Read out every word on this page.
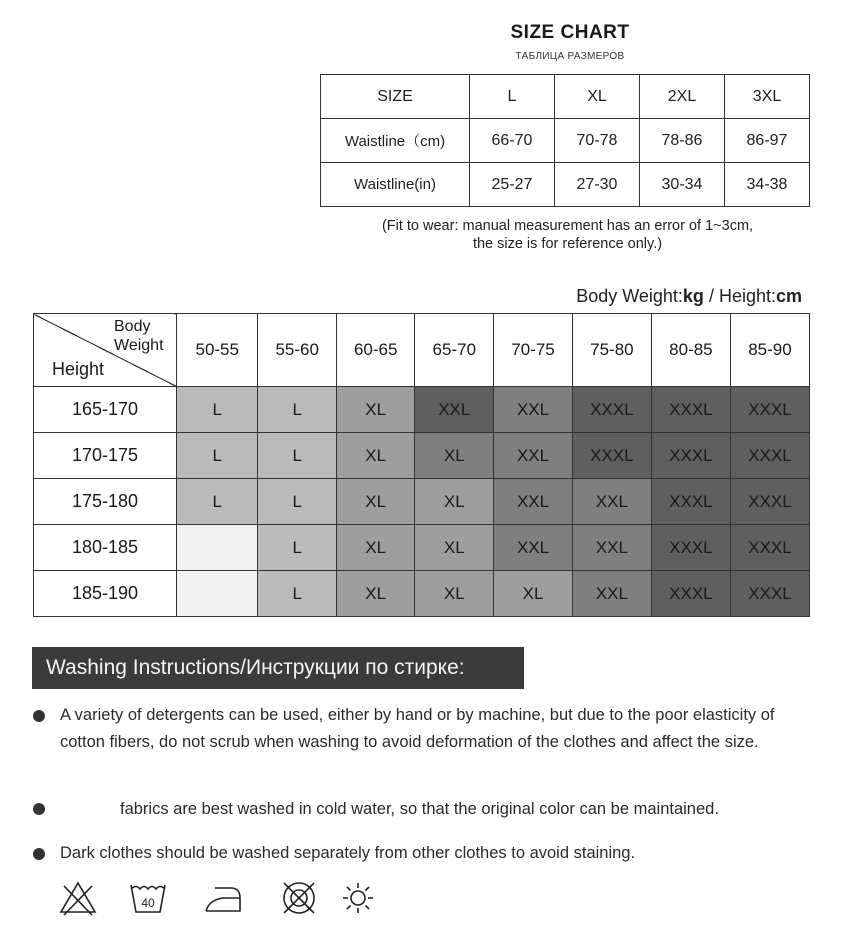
SIZE CHART
ТАБЛИЦА РАЗМЕРОВ
SIZE	L	XL	2XL	3XL
Waistline（cm)	66-70	70-78	78-86	86-97
Waistline(in)	25-27	27-30	30-34	34-38
(Fit to wear: manual measurement has an error of 1~3cm,
the size is for reference only.)
Body Weight:kg / Height:cm
Body
Weight
Height	50-55	55-60	60-65	65-70	70-75	75-80	80-85	85-90
165-170	L	L	XL	XXL	XXL	XXXL	XXXL	XXXL
170-175	L	L	XL	XL	XXL	XXXL	XXXL	XXXL
175-180	L	L	XL	XL	XXL	XXL	XXXL	XXXL
180-185		L	XL	XL	XXL	XXL	XXXL	XXXL
185-190		L	XL	XL	XL	XXL	XXXL	XXXL
Washing Instructions/Инструкции по стирке:
A variety of detergents can be used, either by hand or by machine, but due to the poor elasticity of cotton fibers, do not scrub when washing to avoid deformation of the clothes and affect the size.
fabrics are best washed in cold water, so that the original color can be maintained.
Dark clothes should be washed separately from other clothes to avoid staining.
40
